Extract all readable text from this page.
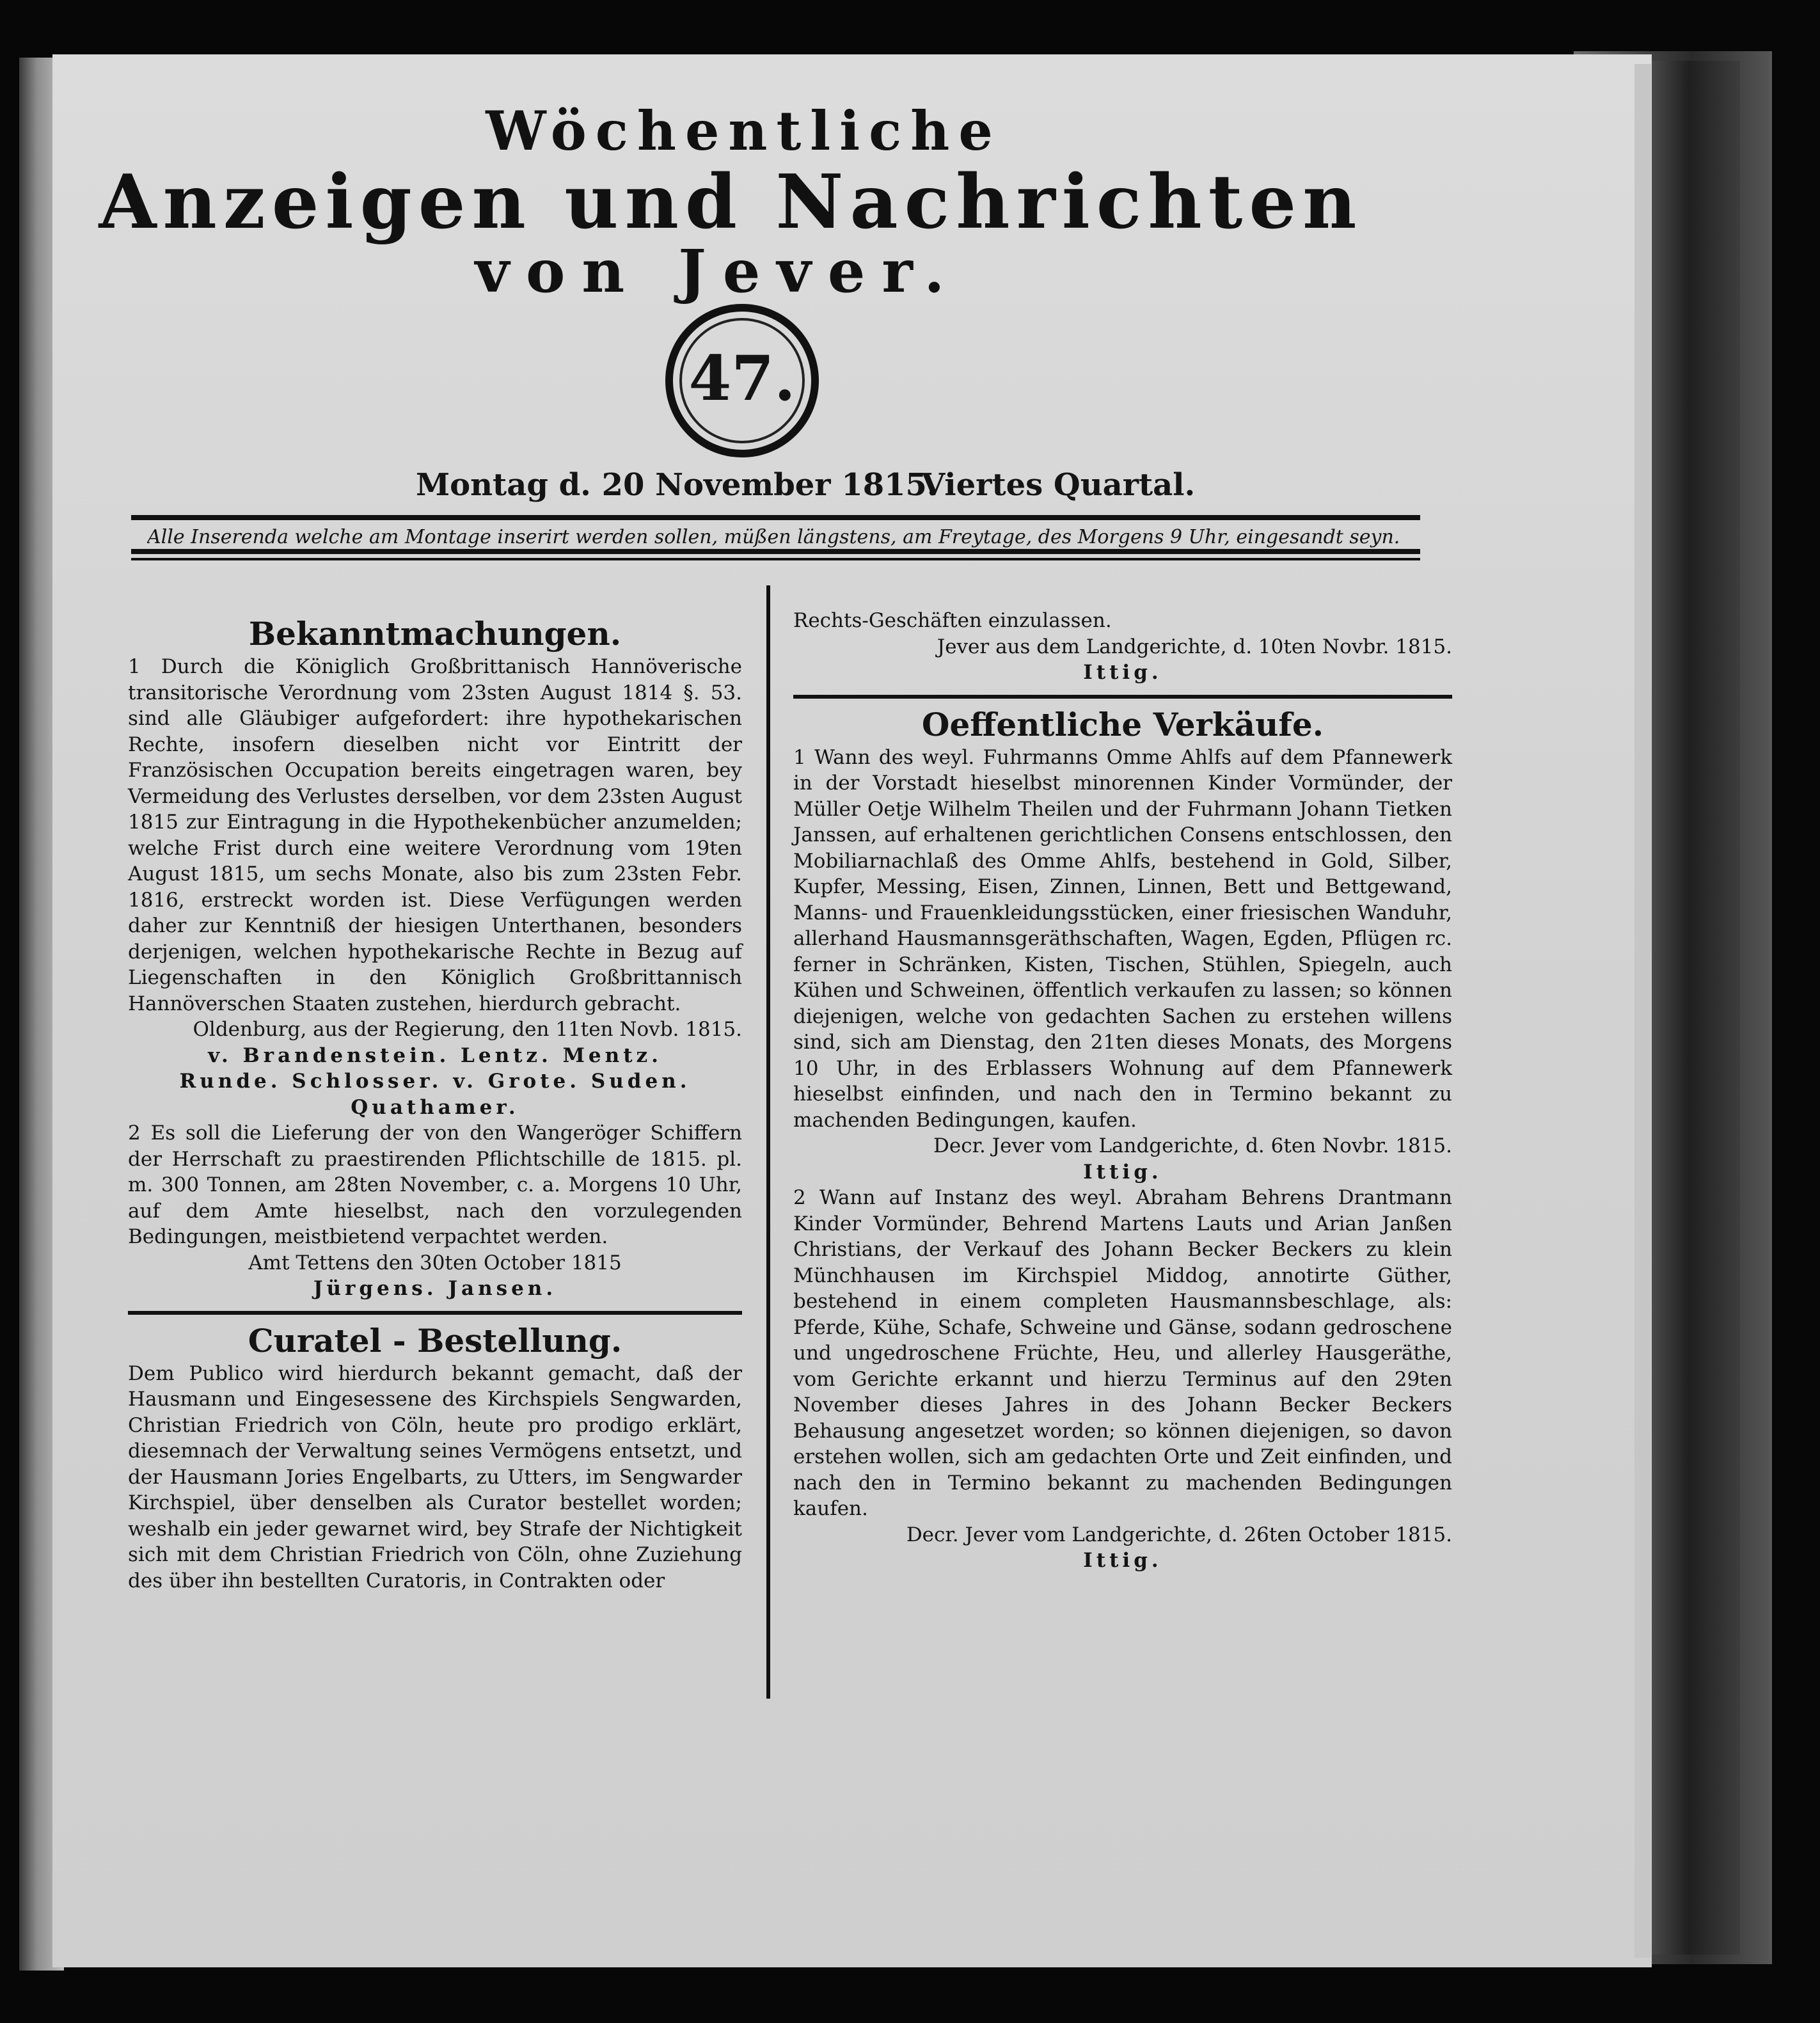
Wöchentliche
Anzeigen und Nachrichten
von Jever.
47.
Montag d. 20 November 1815.
Viertes Quartal.
Alle Inserenda welche am Montage inserirt werden sollen, müßen längstens, am Freytage, des Morgens 9 Uhr, eingesandt seyn.

Bekanntmachungen.

1 Durch die Königlich Großbrittanisch Hannöverische transitorische Verordnung vom 23sten August 1814 §. 53. sind alle Gläubiger aufgefordert: ihre hypothekarischen Rechte, insofern dieselben nicht vor Eintritt der Französischen Occupation bereits eingetragen waren, bey Vermeidung des Verlustes derselben, vor dem 23sten August 1815 zur Eintragung in die Hypothekenbücher anzumelden; welche Frist durch eine weitere Verordnung vom 19ten August 1815, um sechs Monate, also bis zum 23sten Febr. 1816, erstreckt worden ist. Diese Verfügungen werden daher zur Kenntniß der hiesigen Unterthanen, besonders derjenigen, welchen hypothekarische Rechte in Bezug auf Liegenschaften in den Königlich Großbrittannisch Hannöverschen Staaten zustehen, hierdurch gebracht.

Oldenburg, aus der Regierung, den 11ten Novb. 1815.

v. Brandenstein. Lentz. Mentz.

Runde. Schlosser. v. Grote. Suden.

Quathamer.

2 Es soll die Lieferung der von den Wangeröger Schiffern der Herrschaft zu praestirenden Pflichtschille de 1815. pl. m. 300 Tonnen, am 28ten November, c. a. Morgens 10 Uhr, auf dem Amte hieselbst, nach den vorzulegenden Bedingungen, meistbietend verpachtet werden.

Amt Tettens den 30ten October 1815

Jürgens. Jansen.

Curatel - Bestellung.

Dem Publico wird hierdurch bekannt gemacht, daß der Hausmann und Eingesessene des Kirchspiels Sengwarden, Christian Friedrich von Cöln, heute pro prodigo erklärt, diesemnach der Verwaltung seines Vermögens entsetzt, und der Hausmann Jories Engelbarts, zu Utters, im Sengwarder Kirchspiel, über denselben als Curator bestellet worden; weshalb ein jeder gewarnet wird, bey Strafe der Nichtigkeit sich mit dem Christian Friedrich von Cöln, ohne Zuziehung des über ihn bestellten Curatoris, in Contrakten oder

Rechts-Geschäften einzulassen.

Jever aus dem Landgerichte, d. 10ten Novbr. 1815.

Ittig.

Oeffentliche Verkäufe.

1 Wann des weyl. Fuhrmanns Omme Ahlfs auf dem Pfannewerk in der Vorstadt hieselbst minorennen Kinder Vormünder, der Müller Oetje Wilhelm Theilen und der Fuhrmann Johann Tietken Janssen, auf erhaltenen gerichtlichen Consens entschlossen, den Mobiliarnachlaß des Omme Ahlfs, bestehend in Gold, Silber, Kupfer, Messing, Eisen, Zinnen, Linnen, Bett und Bettgewand, Manns- und Frauenkleidungsstücken, einer friesischen Wanduhr, allerhand Hausmannsgeräthschaften, Wagen, Egden, Pflügen rc. ferner in Schränken, Kisten, Tischen, Stühlen, Spiegeln, auch Kühen und Schweinen, öffentlich verkaufen zu lassen; so können diejenigen, welche von gedachten Sachen zu erstehen willens sind, sich am Dienstag, den 21ten dieses Monats, des Morgens 10 Uhr, in des Erblassers Wohnung auf dem Pfannewerk hieselbst einfinden, und nach den in Termino bekannt zu machenden Bedingungen, kaufen.

Decr. Jever vom Landgerichte, d. 6ten Novbr. 1815.

Ittig.

2 Wann auf Instanz des weyl. Abraham Behrens Drantmann Kinder Vormünder, Behrend Martens Lauts und Arian Janßen Christians, der Verkauf des Johann Becker Beckers zu klein Münchhausen im Kirchspiel Middog, annotirte Güther, bestehend in einem completen Hausmannsbeschlage, als: Pferde, Kühe, Schafe, Schweine und Gänse, sodann gedroschene und ungedroschene Früchte, Heu, und allerley Hausgeräthe, vom Gerichte erkannt und hierzu Terminus auf den 29ten November dieses Jahres in des Johann Becker Beckers Behausung angesetzet worden; so können diejenigen, so davon erstehen wollen, sich am gedachten Orte und Zeit einfinden, und nach den in Termino bekannt zu machenden Bedingungen kaufen.

Decr. Jever vom Landgerichte, d. 26ten October 1815.

Ittig.
